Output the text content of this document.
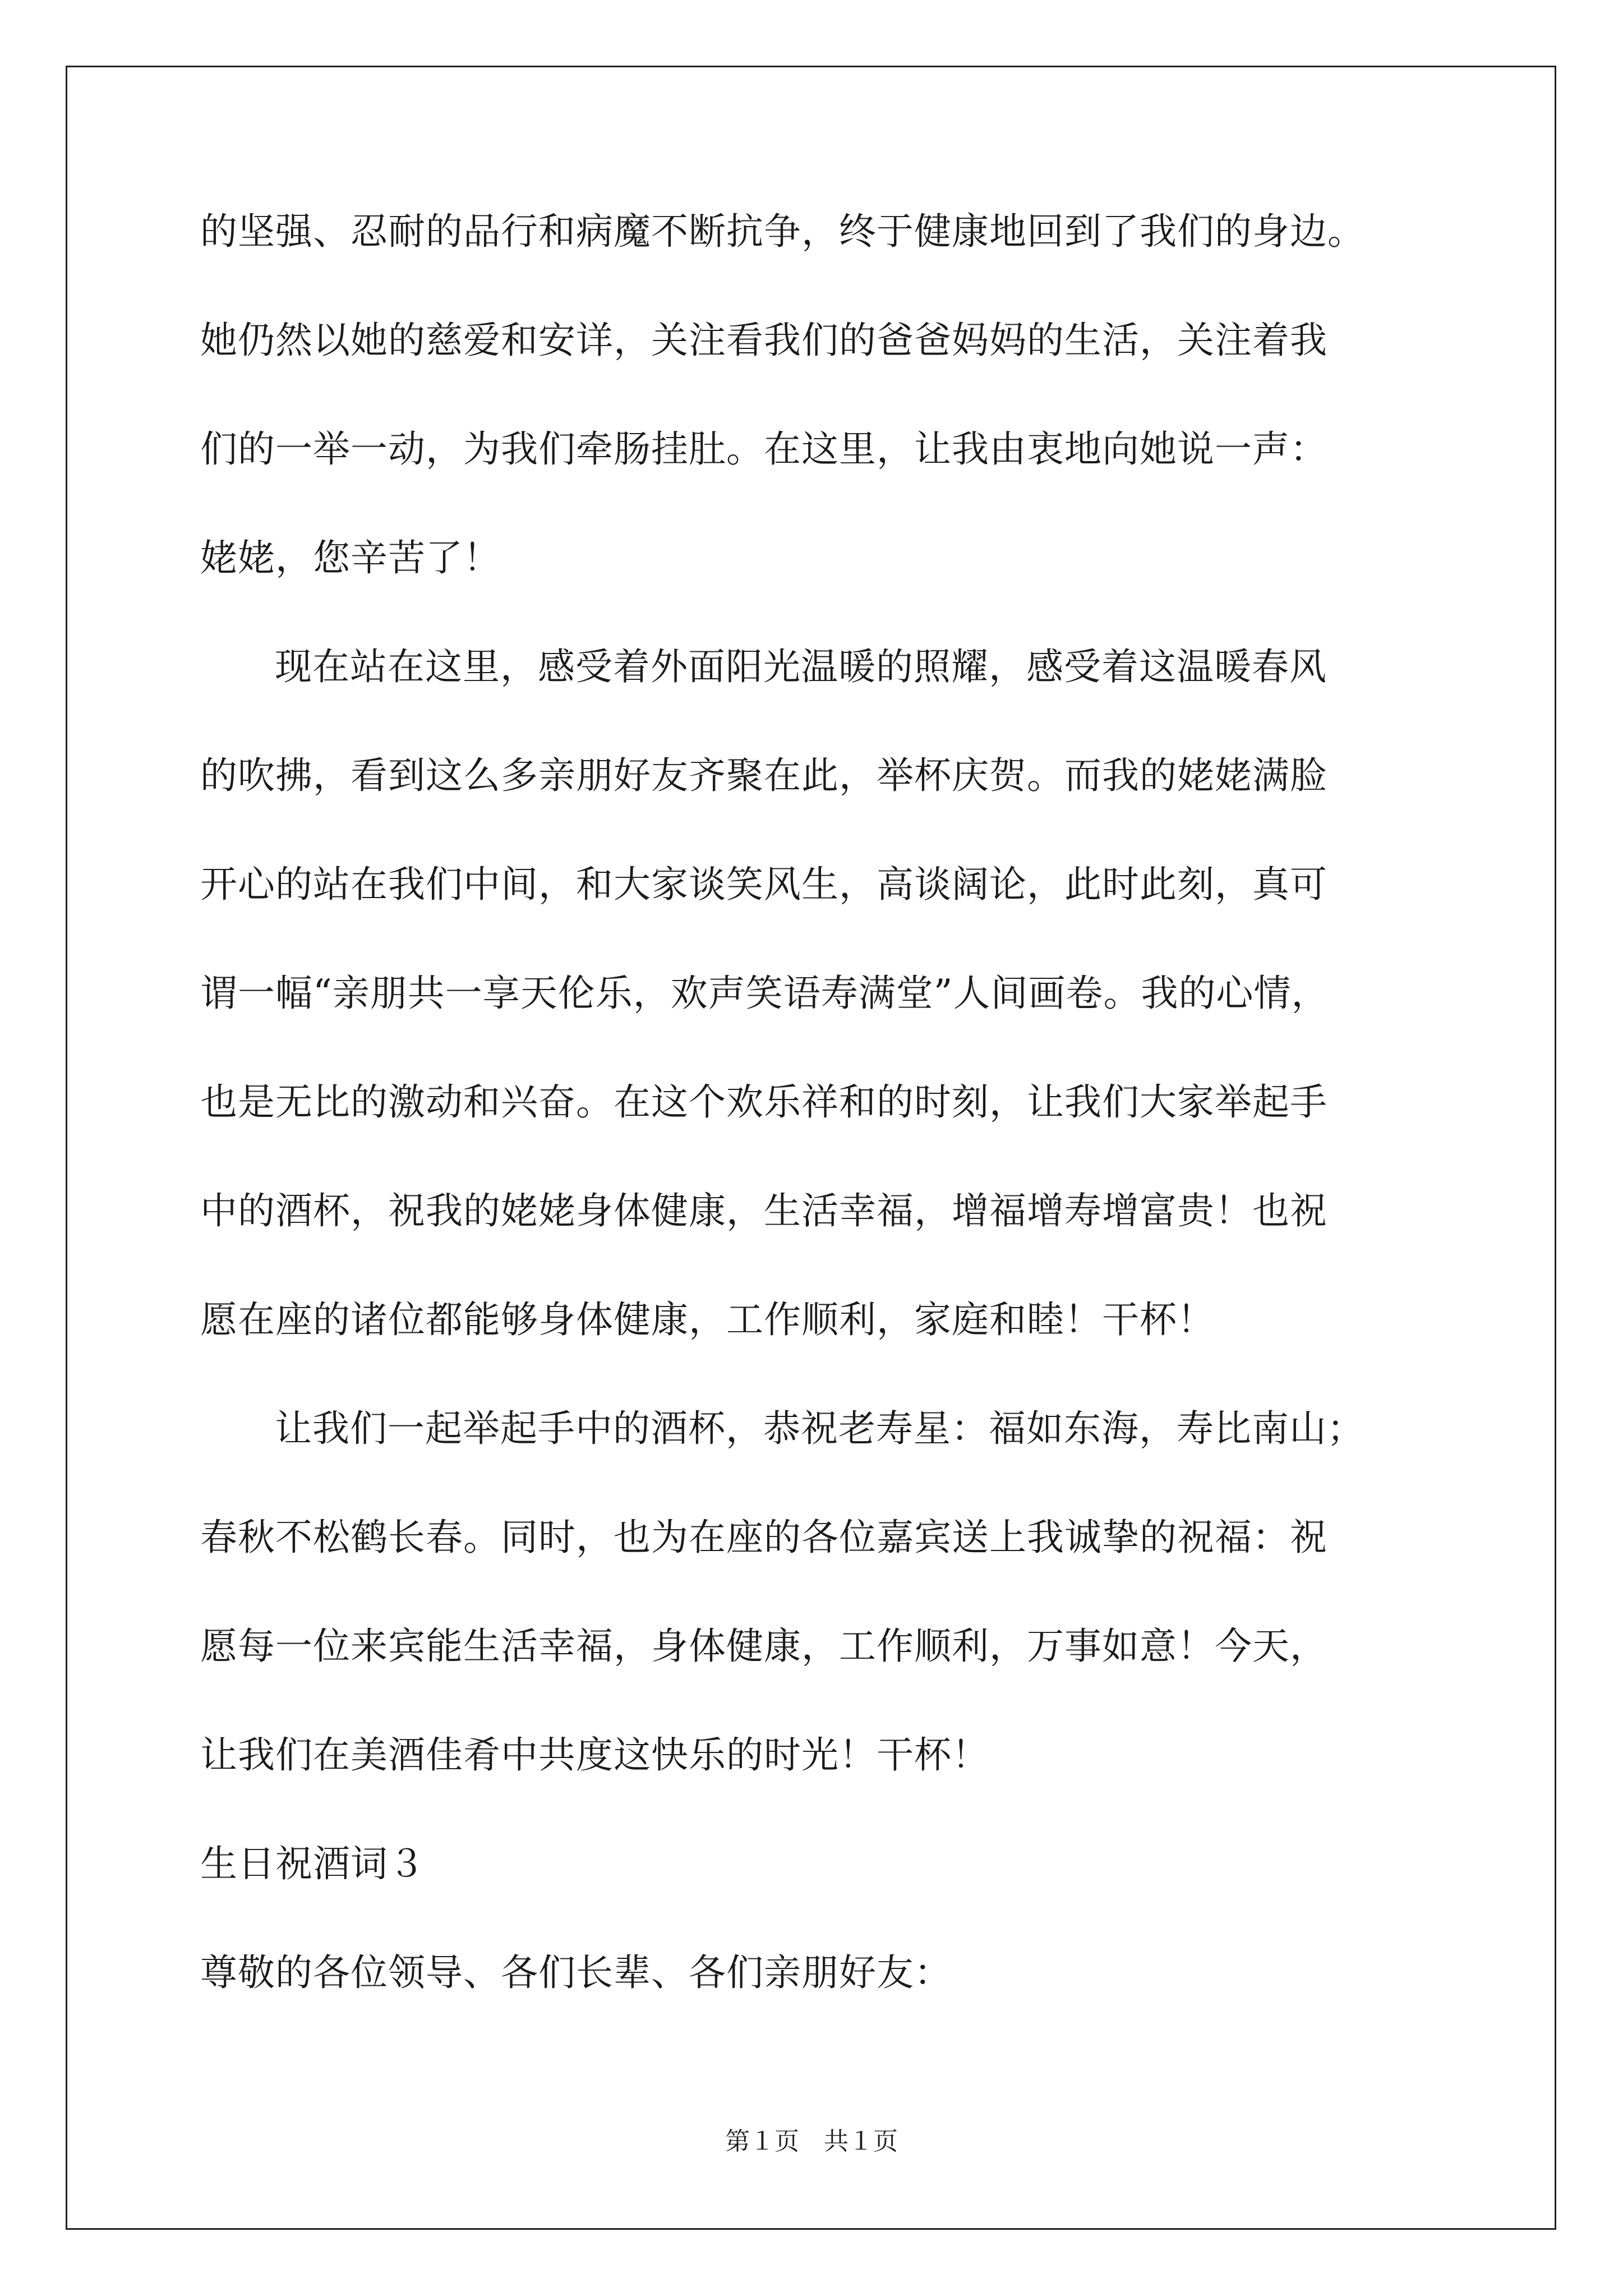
的坚强、忍耐的品行和病魔不断抗争，终于健康地回到了我们的身边。
她仍然以她的慈爱和安详，关注看我们的爸爸妈妈的生活，关注着我
们的一举一动，为我们牵肠挂肚。在这里，让我由衷地向她说一声：
姥姥，您辛苦了！
现在站在这里，感受着外面阳光温暖的照耀，感受着这温暖春风
的吹拂，看到这么多亲朋好友齐聚在此，举杯庆贺。而我的姥姥满脸
开心的站在我们中间，和大家谈笑风生，高谈阔论，此时此刻，真可
谓一幅“亲朋共一享天伦乐，欢声笑语寿满堂”人间画卷。我的心情，
也是无比的激动和兴奋。在这个欢乐祥和的时刻，让我们大家举起手
中的酒杯，祝我的姥姥身体健康，生活幸福，增福增寿增富贵！也祝
愿在座的诸位都能够身体健康，工作顺利，家庭和睦！干杯！
让我们一起举起手中的酒杯，恭祝老寿星：福如东海，寿比南山；
春秋不松鹤长春。同时，也为在座的各位嘉宾送上我诚挚的祝福：祝
愿每一位来宾能生活幸福，身体健康，工作顺利，万事如意！今天，
让我们在美酒佳肴中共度这快乐的时光！干杯！
生日祝酒词３
尊敬的各位领导、各们长辈、各们亲朋好友：
第１页　共１页
